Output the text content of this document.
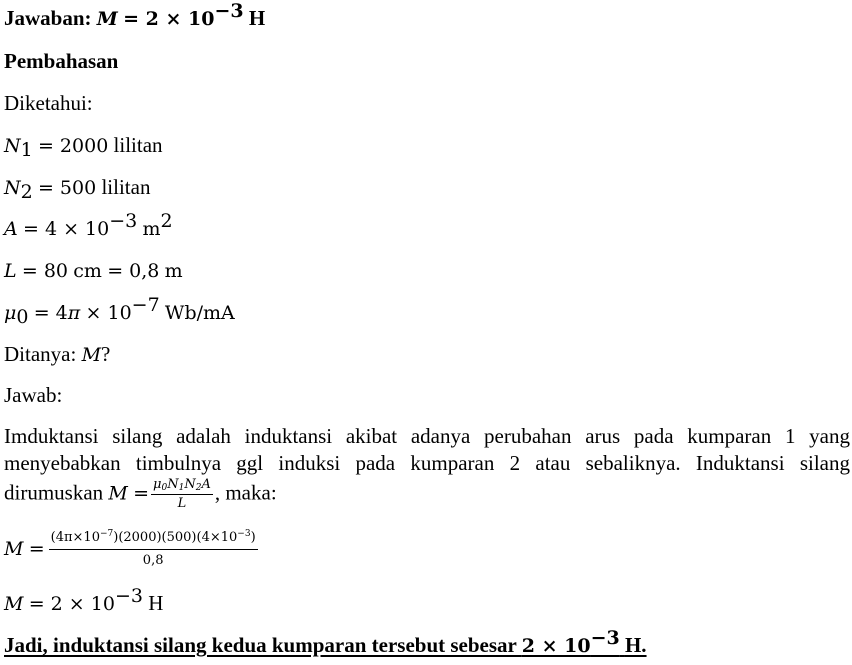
Jawaban: $M = 2 \times 10^{-3}$ H
Pembahasan
Diketahui:
$N_1 = 2000$ lilitan
$N_2 = 500$ lilitan
$A = 4 \times 10^{-3}$ $m^2$
L = 80 cm = 0,8 m
$\mu_0 = 4\pi \times 10^{-7}$ Wb/mA
Ditanya: M?
Jawab:
Imduktansi silang adalah induktansi akibat adanya perubahan arus pada kumparan 1 yang menyebabkan timbulnya ggl induksi pada kumparan 2 atau sebaliknya. Induktansi silang dirumuskan $M = \frac{\mu_0N_1N_2A}{L}$ , maka:
$M = \frac{(4\pi\times 10^{-7})(2000)(500)(4\times 10^{-3})}{0,8}$
$M = 2 \times 10^{-3}$ H
Jadi, induktansi silang kedua kumparan tersebut sebesar $2 \times 10^{-3}$ H.
